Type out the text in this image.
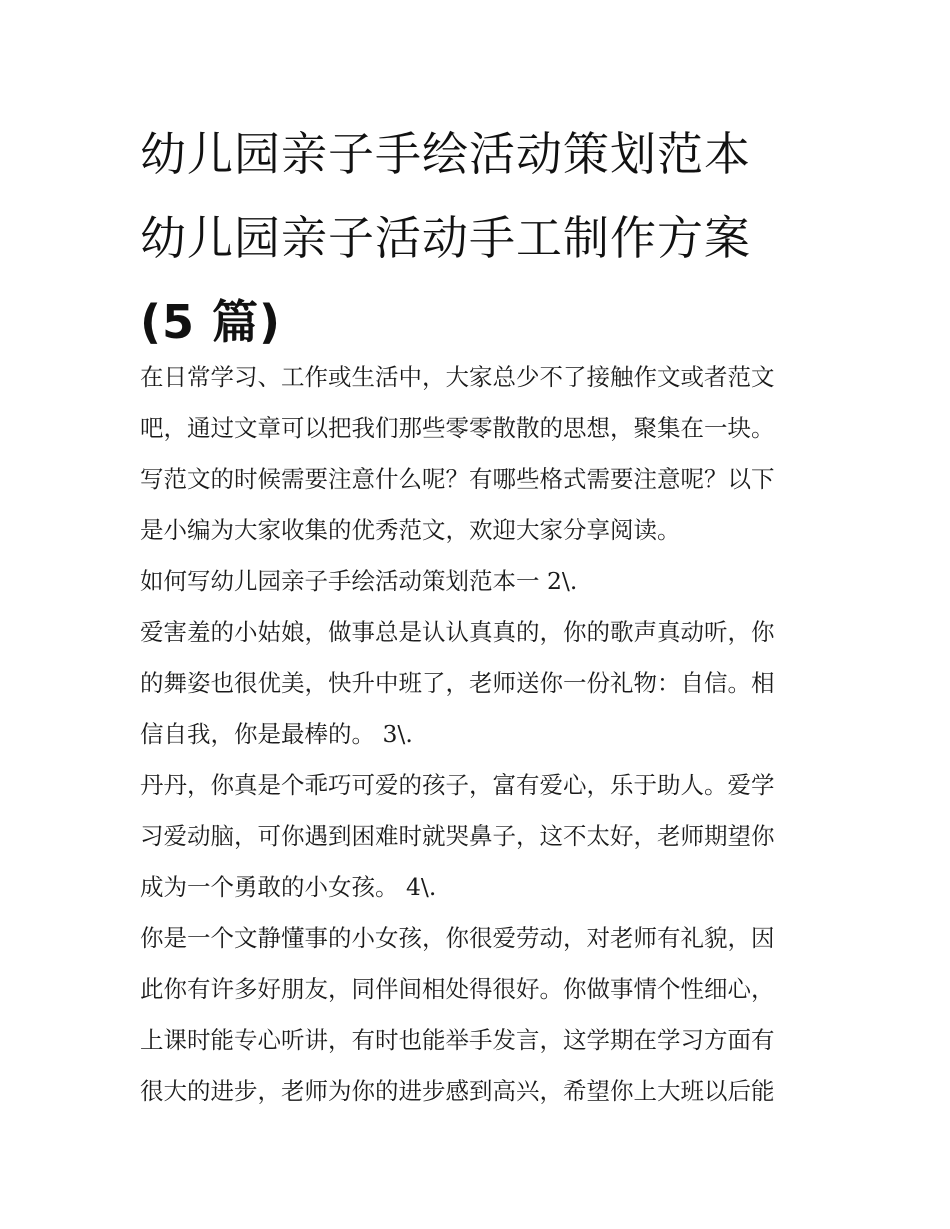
幼儿园亲子手绘活动策划范本
幼儿园亲子活动手工制作方案
(5 篇)
在日常学习、工作或生活中，大家总少不了接触作文或者范文
吧，通过文章可以把我们那些零零散散的思想，聚集在一块。
写范文的时候需要注意什么呢？有哪些格式需要注意呢？以下
是小编为大家收集的优秀范文，欢迎大家分享阅读。
如何写幼儿园亲子手绘活动策划范本一 2\.
爱害羞的小姑娘，做事总是认认真真的，你的歌声真动听，你
的舞姿也很优美，快升中班了，老师送你一份礼物：自信。相
信自我，你是最棒的。 3\.
丹丹，你真是个乖巧可爱的孩子，富有爱心，乐于助人。爱学
习爱动脑，可你遇到困难时就哭鼻子，这不太好，老师期望你
成为一个勇敢的小女孩。 4\.
你是一个文静懂事的小女孩，你很爱劳动，对老师有礼貌，因
此你有许多好朋友，同伴间相处得很好。你做事情个性细心，
上课时能专心听讲，有时也能举手发言，这学期在学习方面有
很大的进步，老师为你的进步感到高兴，希望你上大班以后能
